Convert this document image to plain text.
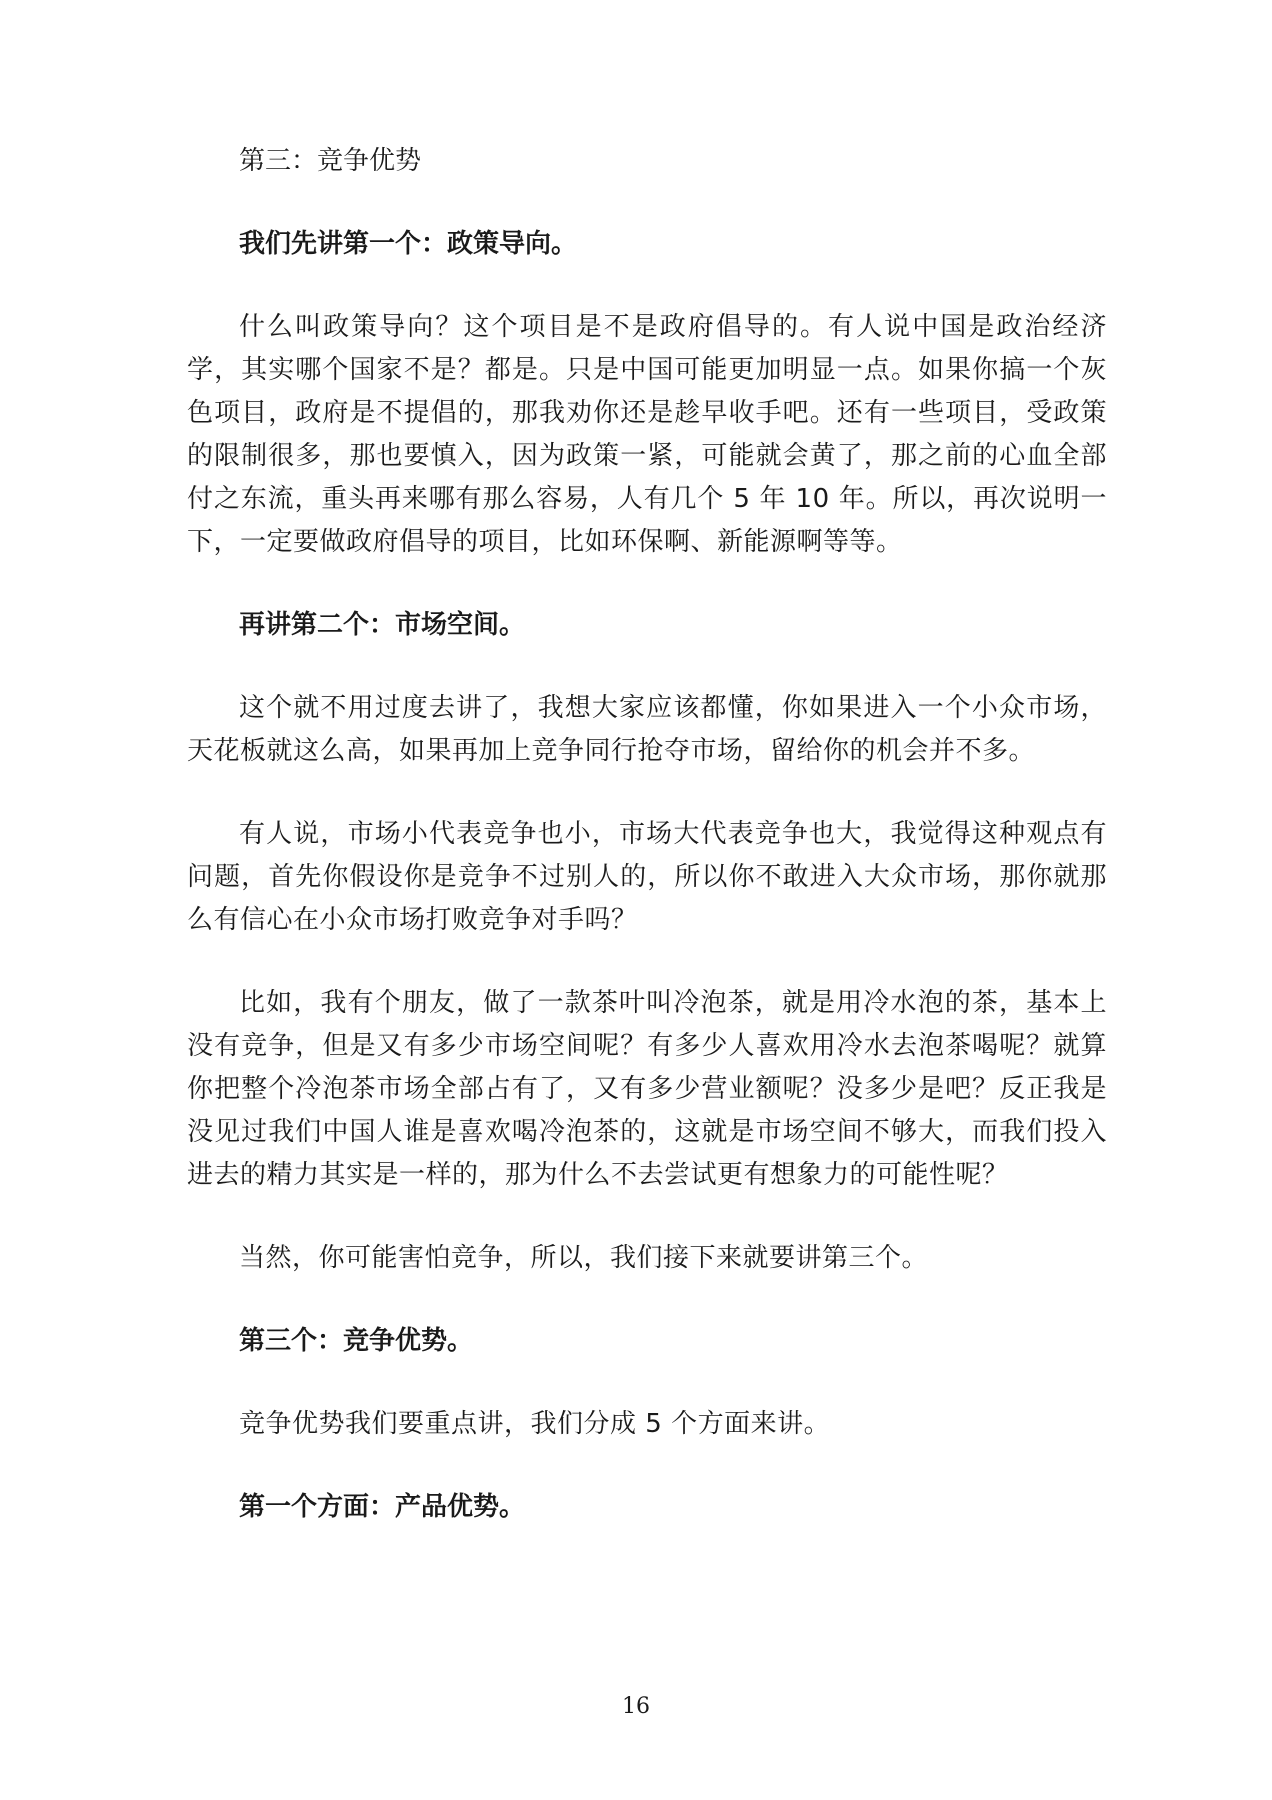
第三：竞争优势

我们先讲第一个：政策导向。

什么叫政策导向？这个项目是不是政府倡导的。有人说中国是政治经济学，其实哪个国家不是？都是。只是中国可能更加明显一点。如果你搞一个灰色项目，政府是不提倡的，那我劝你还是趁早收手吧。还有一些项目，受政策的限制很多，那也要慎入，因为政策一紧，可能就会黄了，那之前的心血全部付之东流，重头再来哪有那么容易，人有几个 5 年 10 年。所以，再次说明一下，一定要做政府倡导的项目，比如环保啊、新能源啊等等。

再讲第二个：市场空间。

这个就不用过度去讲了，我想大家应该都懂，你如果进入一个小众市场，天花板就这么高，如果再加上竞争同行抢夺市场，留给你的机会并不多。

有人说，市场小代表竞争也小，市场大代表竞争也大，我觉得这种观点有问题，首先你假设你是竞争不过别人的，所以你不敢进入大众市场，那你就那么有信心在小众市场打败竞争对手吗？

比如，我有个朋友，做了一款茶叶叫冷泡茶，就是用冷水泡的茶，基本上没有竞争，但是又有多少市场空间呢？有多少人喜欢用冷水去泡茶喝呢？就算你把整个冷泡茶市场全部占有了，又有多少营业额呢？没多少是吧？反正我是没见过我们中国人谁是喜欢喝冷泡茶的，这就是市场空间不够大，而我们投入进去的精力其实是一样的，那为什么不去尝试更有想象力的可能性呢？

当然，你可能害怕竞争，所以，我们接下来就要讲第三个。

第三个：竞争优势。

竞争优势我们要重点讲，我们分成 5 个方面来讲。

第一个方面：产品优势。

16
